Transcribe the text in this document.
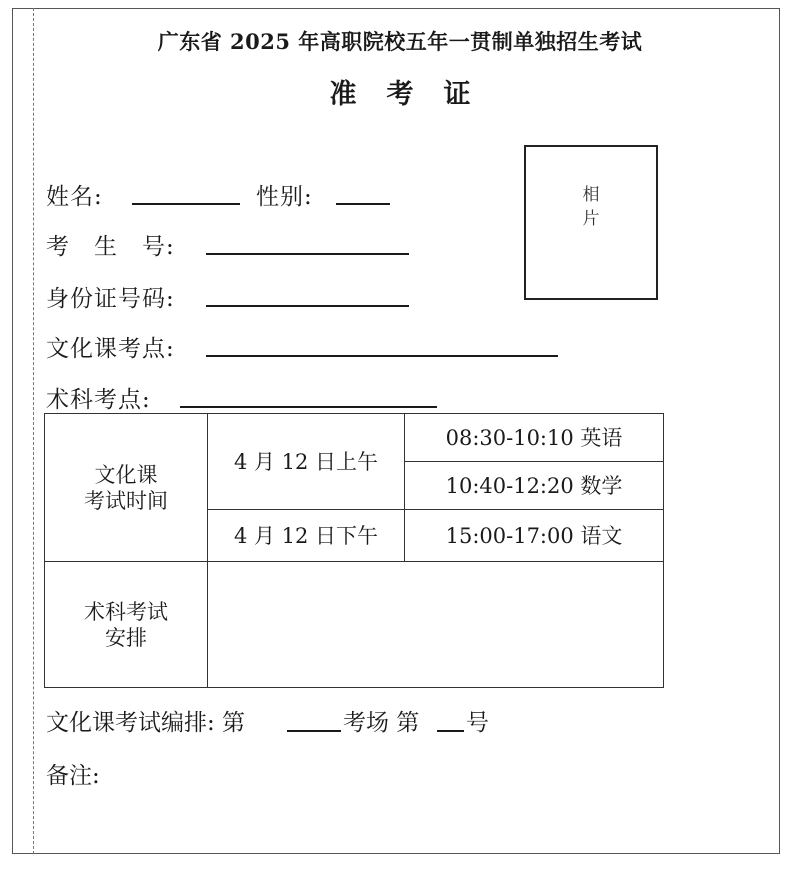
广东省 2025 年高职院校五年一贯制单独招生考试
准考证
相
片
姓名:	性别:
考　生　号:
身份证号码:
文化课考点:
术科考点:
文化课
考试时间	4 月 12 日上午	08:30-10:10 英语
		10:40-12:20 数学
	4 月 12 日下午	15:00-17:00 语文

术科考试
安排		

文化课考试编排: 第	考场 第 号
备注:
